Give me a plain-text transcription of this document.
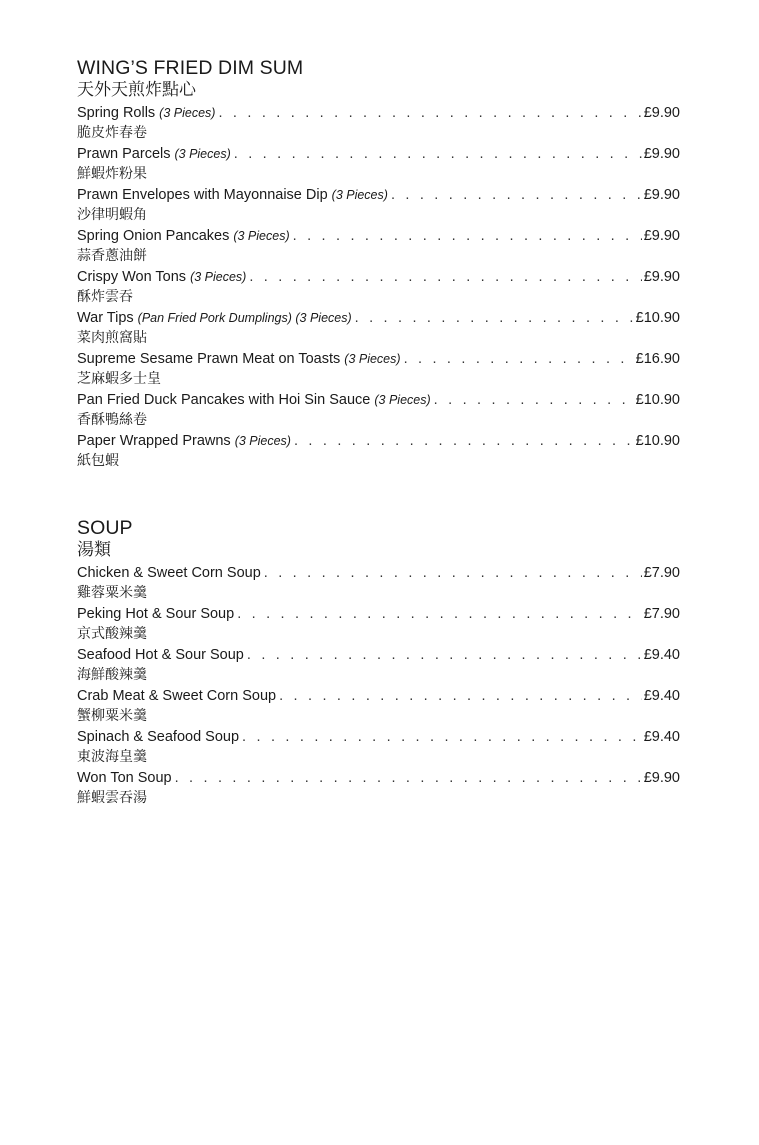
WING’S FRIED DIM SUM
天外天煎炸點心
Spring Rolls (3 Pieces) . . .	£9.90
脆皮炸春卷
Prawn Parcels (3 Pieces) . . .	£9.90
鮮蝦炸粉果
Prawn Envelopes with Mayonnaise Dip (3 Pieces) . . .	£9.90
沙律明蝦角
Spring Onion Pancakes (3 Pieces) . . .	£9.90
蒜香蔥油餅
Crispy Won Tons (3 Pieces) . . .	£9.90
酥炸雲吞
War Tips (Pan Fried Pork Dumplings) (3 Pieces) . . .	£10.90
菜肉煎窩貼
Supreme Sesame Prawn Meat on Toasts (3 Pieces) . . .	£16.90
芝麻蝦多士皇
Pan Fried Duck Pancakes with Hoi Sin Sauce (3 Pieces) . . .	£10.90
香酥鴨絲卷
Paper Wrapped Prawns (3 Pieces) . . .	£10.90
紙包蝦
SOUP
湯類
Chicken & Sweet Corn Soup . . .	£7.90
雞蓉粟米羹
Peking Hot & Sour Soup . . .	£7.90
京式酸辣羹
Seafood Hot & Sour Soup . . .	£9.40
海鮮酸辣羹
Crab Meat & Sweet Corn Soup . . .	£9.40
蟹柳粟米羹
Spinach & Seafood Soup . . .	£9.40
東波海皇羹
Won Ton Soup . . .	£9.90
鮮蝦雲吞湯
